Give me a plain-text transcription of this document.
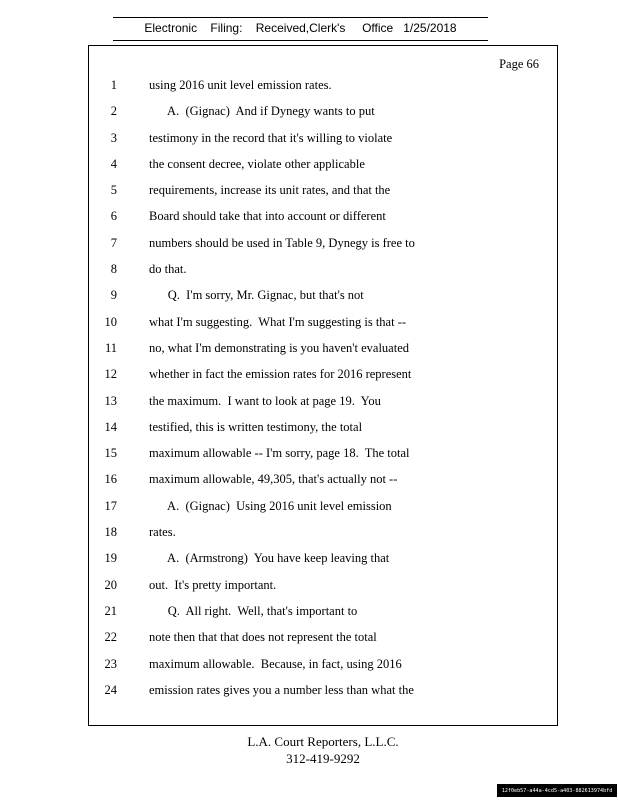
Electronic    Filing:    Received,Clerk's     Office   1/25/2018
Page 66
1	using 2016 unit level emission rates.
2	A.  (Gignac)  And if Dynegy wants to put
3	testimony in the record that it's willing to violate
4	the consent decree, violate other applicable
5	requirements, increase its unit rates, and that the
6	Board should take that into account or different
7	numbers should be used in Table 9, Dynegy is free to
8	do that.
9	Q.  I'm sorry, Mr. Gignac, but that's not
10	what I'm suggesting.  What I'm suggesting is that --
11	no, what I'm demonstrating is you haven't evaluated
12	whether in fact the emission rates for 2016 represent
13	the maximum.  I want to look at page 19.  You
14	testified, this is written testimony, the total
15	maximum allowable -- I'm sorry, page 18.  The total
16	maximum allowable, 49,305, that's actually not --
17	A.  (Gignac)  Using 2016 unit level emission
18	rates.
19	A.  (Armstrong)  You have keep leaving that
20	out.  It's pretty important.
21	Q.  All right.  Well, that's important to
22	note then that that does not represent the total
23	maximum allowable.  Because, in fact, using 2016
24	emission rates gives you a number less than what the
L.A. Court Reporters, L.L.C.
312-419-9292
12f0eb57-a44a-4cd5-a403-882613974bfd
